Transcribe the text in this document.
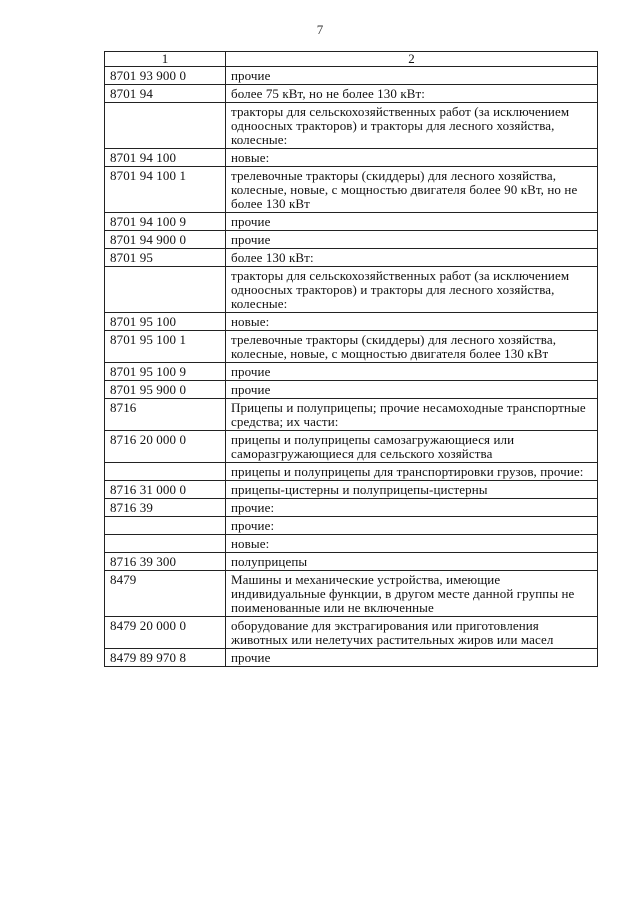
7
1	2
8701 93 900 0	прочие
8701 94	более 75 кВт, но не более 130 кВт:
	тракторы для сельскохозяйственных работ (за исключением одноосных тракторов) и тракторы для лесного хозяйства, колесные:
8701 94 100	новые:
8701 94 100 1	трелевочные тракторы (скиддеры) для лесного хозяйства, колесные, новые, с мощностью двигателя более 90 кВт, но не более 130 кВт
8701 94 100 9	прочие
8701 94 900 0	прочие
8701 95	более 130 кВт:
	тракторы для сельскохозяйственных работ (за исключением одноосных тракторов) и тракторы для лесного хозяйства, колесные:
8701 95 100	новые:
8701 95 100 1	трелевочные тракторы (скиддеры) для лесного хозяйства, колесные, новые, с мощностью двигателя более 130 кВт
8701 95 100 9	прочие
8701 95 900 0	прочие
8716	Прицепы и полуприцепы; прочие несамоходные транспортные средства; их части:
8716 20 000 0	прицепы и полуприцепы самозагружающиеся или саморазгружающиеся для сельского хозяйства
	прицепы и полуприцепы для транспортировки грузов, прочие:
8716 31 000 0	прицепы-цистерны и полуприцепы-цистерны
8716 39	прочие:
	прочие:
	новые:
8716 39 300	полуприцепы
8479	Машины и механические устройства, имеющие индивидуальные функции, в другом месте данной группы не поименованные или не включенные
8479 20 000 0	оборудование для экстрагирования или приготовления животных или нелетучих растительных жиров или масел
8479 89 970 8	прочие
